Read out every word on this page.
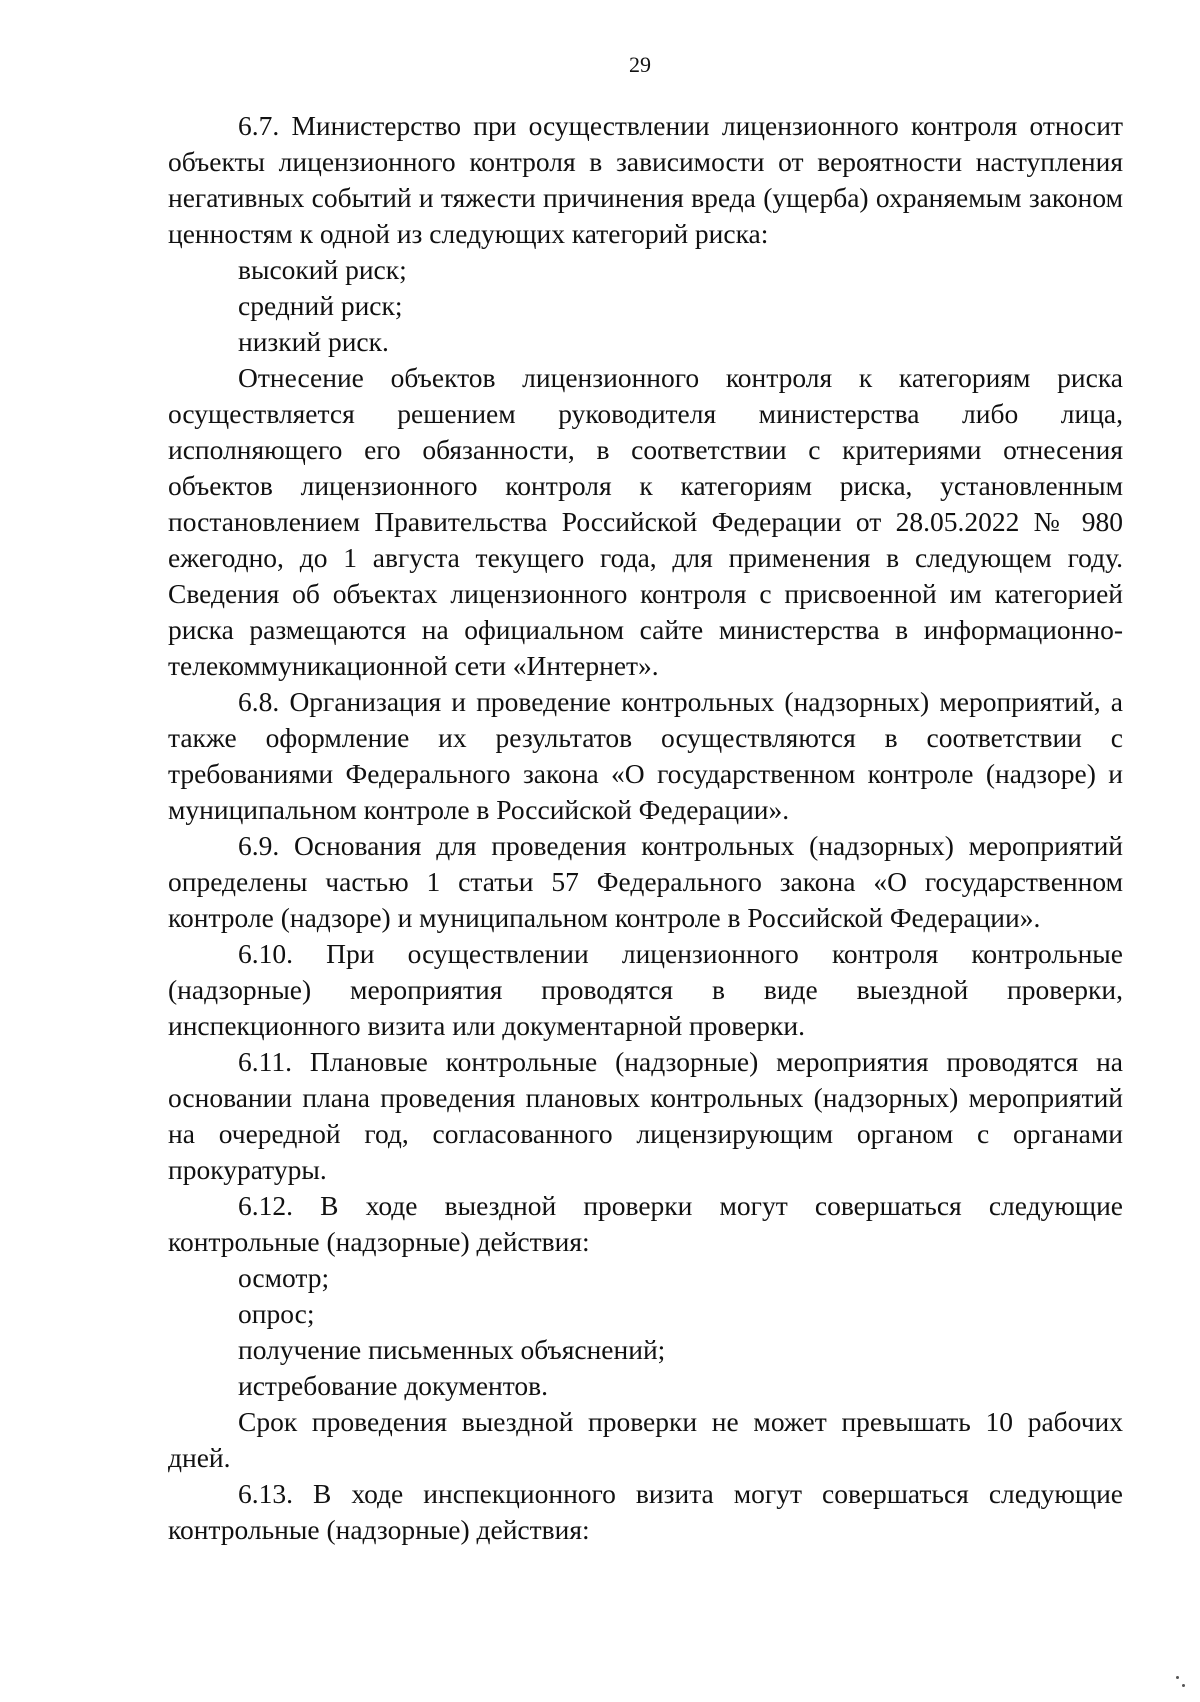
29

6.7. Министерство при осуществлении лицензионного контроля относит объекты лицензионного контроля в зависимости от вероятности наступления негативных событий и тяжести причинения вреда (ущерба) охраняемым законом ценностям к одной из следующих категорий риска:

высокий риск;

средний риск;

низкий риск.

Отнесение объектов лицензионного контроля к категориям риска осуществляется решением руководителя министерства либо лица, исполняющего его обязанности, в соответствии с критериями отнесения объектов лицензионного контроля к категориям риска, установленным постановлением Правительства Российской Федерации от 28.05.2022 № 980 ежегодно, до 1 августа текущего года, для применения в следующем году. Сведения об объектах лицензионного контроля с присвоенной им категорией риска размещаются на официальном сайте министерства в информационно-телекоммуникационной сети «Интернет».

6.8. Организация и проведение контрольных (надзорных) мероприятий, а также оформление их результатов осуществляются в соответствии с требованиями Федерального закона «О государственном контроле (надзоре) и муниципальном контроле в Российской Федерации».

6.9. Основания для проведения контрольных (надзорных) мероприятий определены частью 1 статьи 57 Федерального закона «О государственном контроле (надзоре) и муниципальном контроле в Российской Федерации».

6.10. При осуществлении лицензионного контроля контрольные (надзорные) мероприятия проводятся в виде выездной проверки, инспекционного визита или документарной проверки.

6.11. Плановые контрольные (надзорные) мероприятия проводятся на основании плана проведения плановых контрольных (надзорных) мероприятий на очередной год, согласованного лицензирующим органом с органами прокуратуры.

6.12. В ходе выездной проверки могут совершаться следующие контрольные (надзорные) действия:

осмотр;

опрос;

получение письменных объяснений;

истребование документов.

Срок проведения выездной проверки не может превышать 10 рабочих дней.

6.13. В ходе инспекционного визита могут совершаться следующие контрольные (надзорные) действия:
